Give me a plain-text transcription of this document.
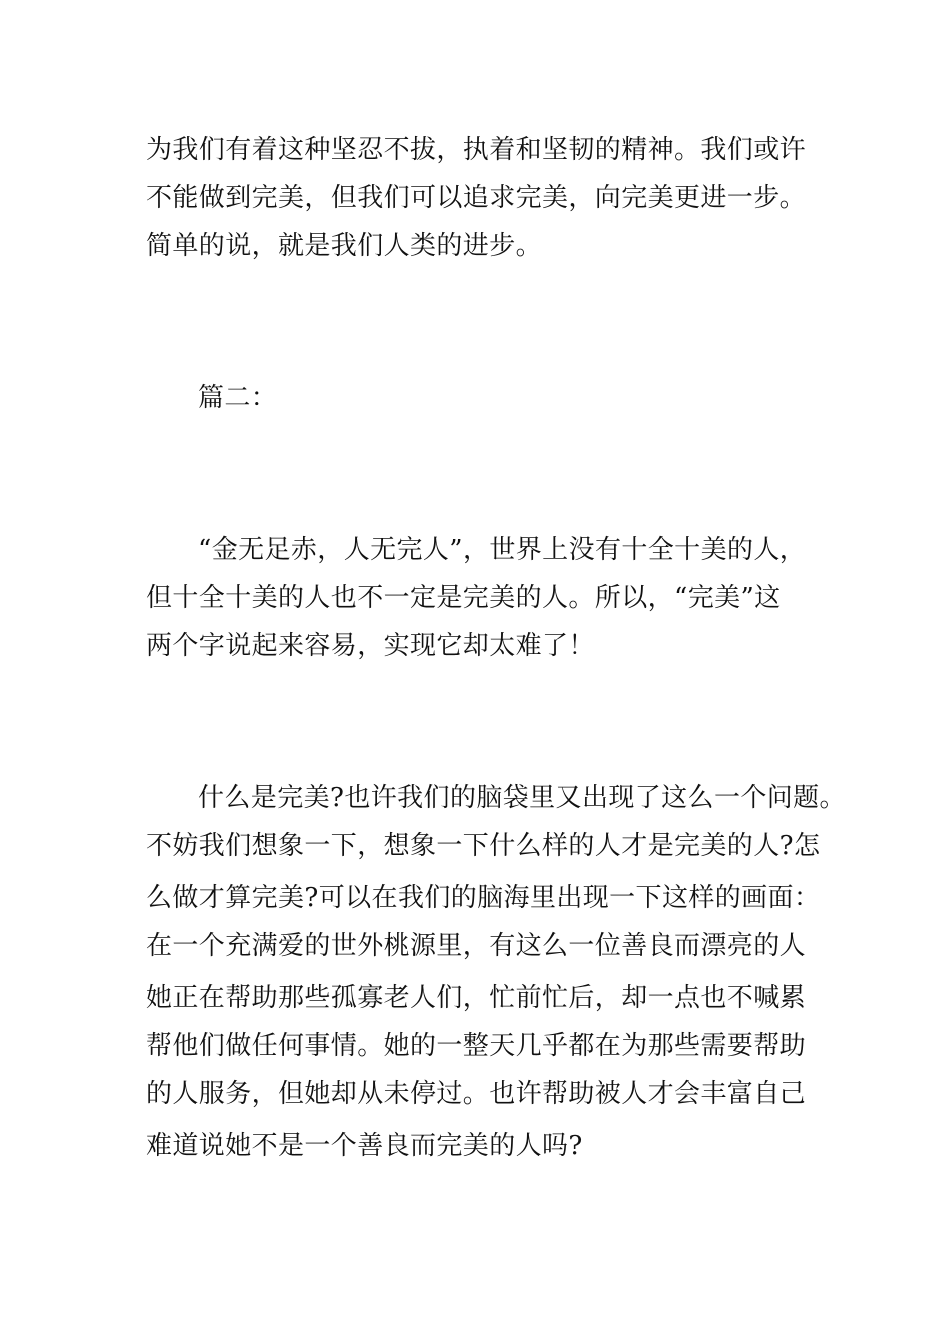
为我们有着这种坚忍不拔，执着和坚韧的精神。我们或许
不能做到完美，但我们可以追求完美，向完美更进一步。
简单的说，就是我们人类的进步。
篇二：
“金无足赤，人无完人”，世界上没有十全十美的人，
但十全十美的人也不一定是完美的人。所以，“完美”这
两个字说起来容易，实现它却太难了！
什么是完美?也许我们的脑袋里又出现了这么一个问题。
不妨我们想象一下，想象一下什么样的人才是完美的人?怎
么做才算完美?可以在我们的脑海里出现一下这样的画面：
在一个充满爱的世外桃源里，有这么一位善良而漂亮的人
她正在帮助那些孤寡老人们，忙前忙后，却一点也不喊累
帮他们做任何事情。她的一整天几乎都在为那些需要帮助
的人服务，但她却从未停过。也许帮助被人才会丰富自己
难道说她不是一个善良而完美的人吗?
